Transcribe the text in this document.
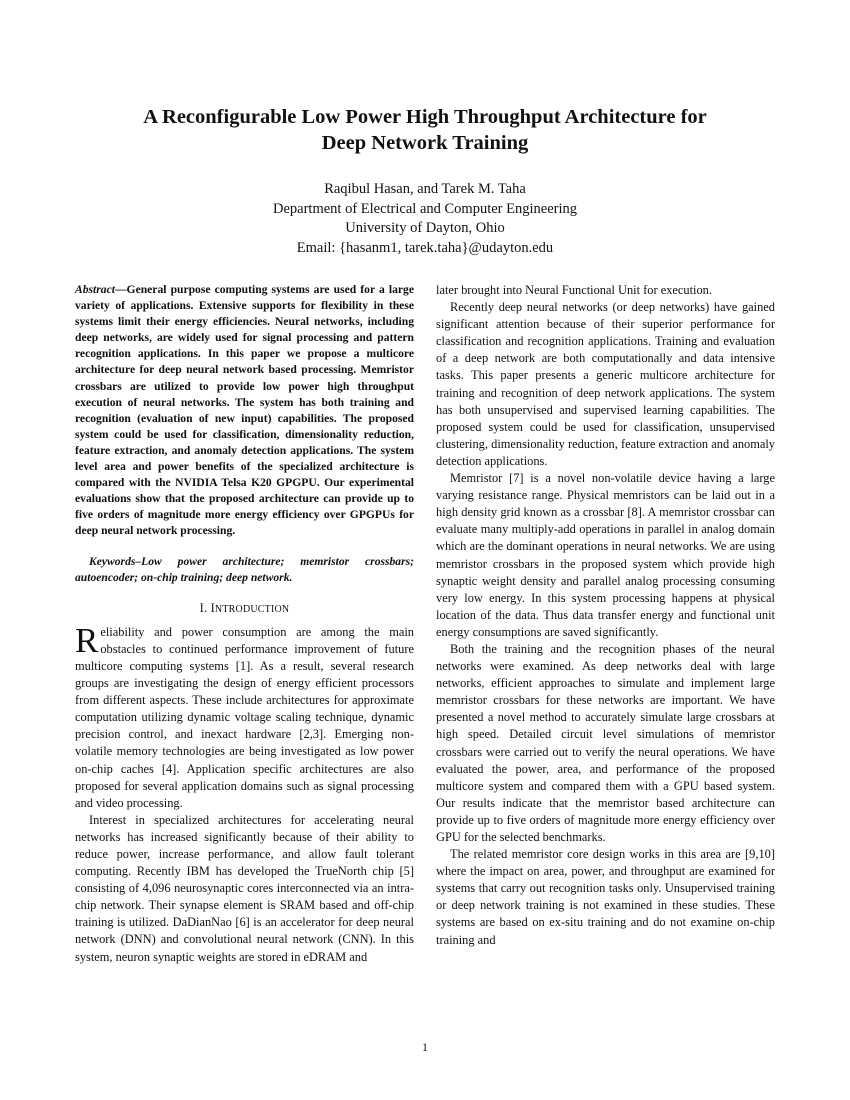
A Reconfigurable Low Power High Throughput Architecture for
Deep Network Training
Raqibul Hasan, and Tarek M. Taha
Department of Electrical and Computer Engineering
University of Dayton, Ohio
Email: {hasanm1, tarek.taha}@udayton.edu

Abstract—General purpose computing systems are used for a large variety of applications. Extensive supports for flexibility in these systems limit their energy efficiencies. Neural networks, including deep networks, are widely used for signal processing and pattern recognition applications. In this paper we propose a multicore architecture for deep neural network based processing. Memristor crossbars are utilized to provide low power high throughput execution of neural networks. The system has both training and recognition (evaluation of new input) capabilities. The proposed system could be used for classification, dimensionality reduction, feature extraction, and anomaly detection applications. The system level area and power benefits of the specialized architecture is compared with the NVIDIA Telsa K20 GPGPU. Our experimental evaluations show that the proposed architecture can provide up to five orders of magnitude more energy efficiency over GPGPUs for deep neural network processing.

Keywords–Low power architecture; memristor crossbars; autoencoder; on-chip training; deep network.

I. INTRODUCTION

Reliability and power consumption are among the main obstacles to continued performance improvement of future multicore computing systems [1]. As a result, several research groups are investigating the design of energy efficient processors from different aspects. These include architectures for approximate computation utilizing dynamic voltage scaling technique, dynamic precision control, and inexact hardware [2,3]. Emerging non-volatile memory technologies are being investigated as low power on-chip caches [4]. Application specific architectures are also proposed for several application domains such as signal processing and video processing.

Interest in specialized architectures for accelerating neural networks has increased significantly because of their ability to reduce power, increase performance, and allow fault tolerant computing. Recently IBM has developed the TrueNorth chip [5] consisting of 4,096 neurosynaptic cores interconnected via an intra-chip network. Their synapse element is SRAM based and off-chip training is utilized. DaDianNao [6] is an accelerator for deep neural network (DNN) and convolutional neural network (CNN). In this system, neuron synaptic weights are stored in eDRAM and

later brought into Neural Functional Unit for execution.

Recently deep neural networks (or deep networks) have gained significant attention because of their superior performance for classification and recognition applications. Training and evaluation of a deep network are both computationally and data intensive tasks. This paper presents a generic multicore architecture for training and recognition of deep network applications. The system has both unsupervised and supervised learning capabilities. The proposed system could be used for classification, unsupervised clustering, dimensionality reduction, feature extraction and anomaly detection applications.

Memristor [7] is a novel non-volatile device having a large varying resistance range. Physical memristors can be laid out in a high density grid known as a crossbar [8]. A memristor crossbar can evaluate many multiply-add operations in parallel in analog domain which are the dominant operations in neural networks. We are using memristor crossbars in the proposed system which provide high synaptic weight density and parallel analog processing consuming very low energy. In this system processing happens at physical location of the data. Thus data transfer energy and functional unit energy consumptions are saved significantly.

Both the training and the recognition phases of the neural networks were examined. As deep networks deal with large networks, efficient approaches to simulate and implement large memristor crossbars for these networks are important. We have presented a novel method to accurately simulate large crossbars at high speed. Detailed circuit level simulations of memristor crossbars were carried out to verify the neural operations. We have evaluated the power, area, and performance of the proposed multicore system and compared them with a GPU based system. Our results indicate that the memristor based architecture can provide up to five orders of magnitude more energy efficiency over GPU for the selected benchmarks.

The related memristor core design works in this area are [9,10] where the impact on area, power, and throughput are examined for systems that carry out recognition tasks only. Unsupervised training or deep network training is not examined in these studies. These systems are based on ex-situ training and do not examine on-chip training and

1
